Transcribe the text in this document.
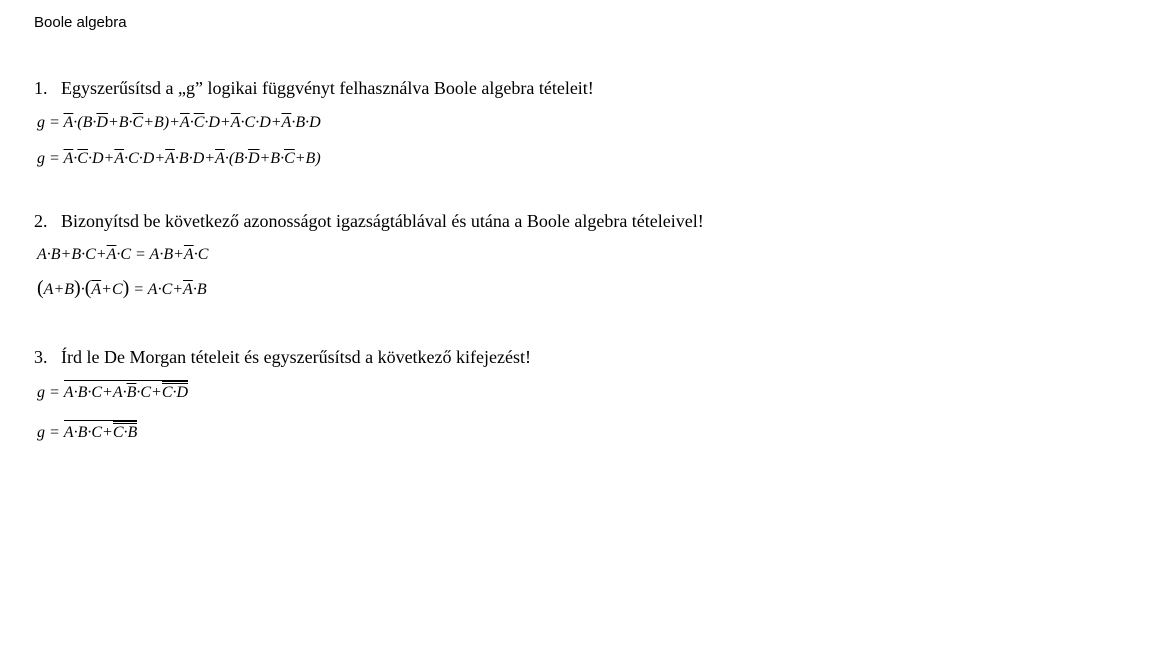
Boole algebra
1. Egyszerűsítsd a „g” logikai függvényt felhasználva Boole algebra tételeit!
$g = \overline{A}\cdot(B\cdot\overline{D}+B\cdot\overline{C}+B)+\overline{A}\cdot\overline{C}\cdot D+\overline{A}\cdot C\cdot D+\overline{A}\cdot B\cdot D$
$g = \overline{A}\cdot\overline{C}\cdot D+\overline{A}\cdot C\cdot D+\overline{A}\cdot B\cdot D+\overline{A}\cdot(B\cdot\overline{D}+B\cdot\overline{C}+B)$
2. Bizonyítsd be következő azonosságot igazságtáblával és utána a Boole algebra tételeivel!
$A\cdot B+B\cdot C+\overline{A}\cdot C = A\cdot B+\overline{A}\cdot C$
$(A+B)\cdot(\overline{A}+C) = A\cdot C+\overline{A}\cdot B$
3. Írd le De Morgan tételeit és egyszerűsítsd a következő kifejezést!
$g = A\cdot B\cdot C+A\cdot\overline{B}\cdot C+C\cdot D$
g = A·B·C+C·B
